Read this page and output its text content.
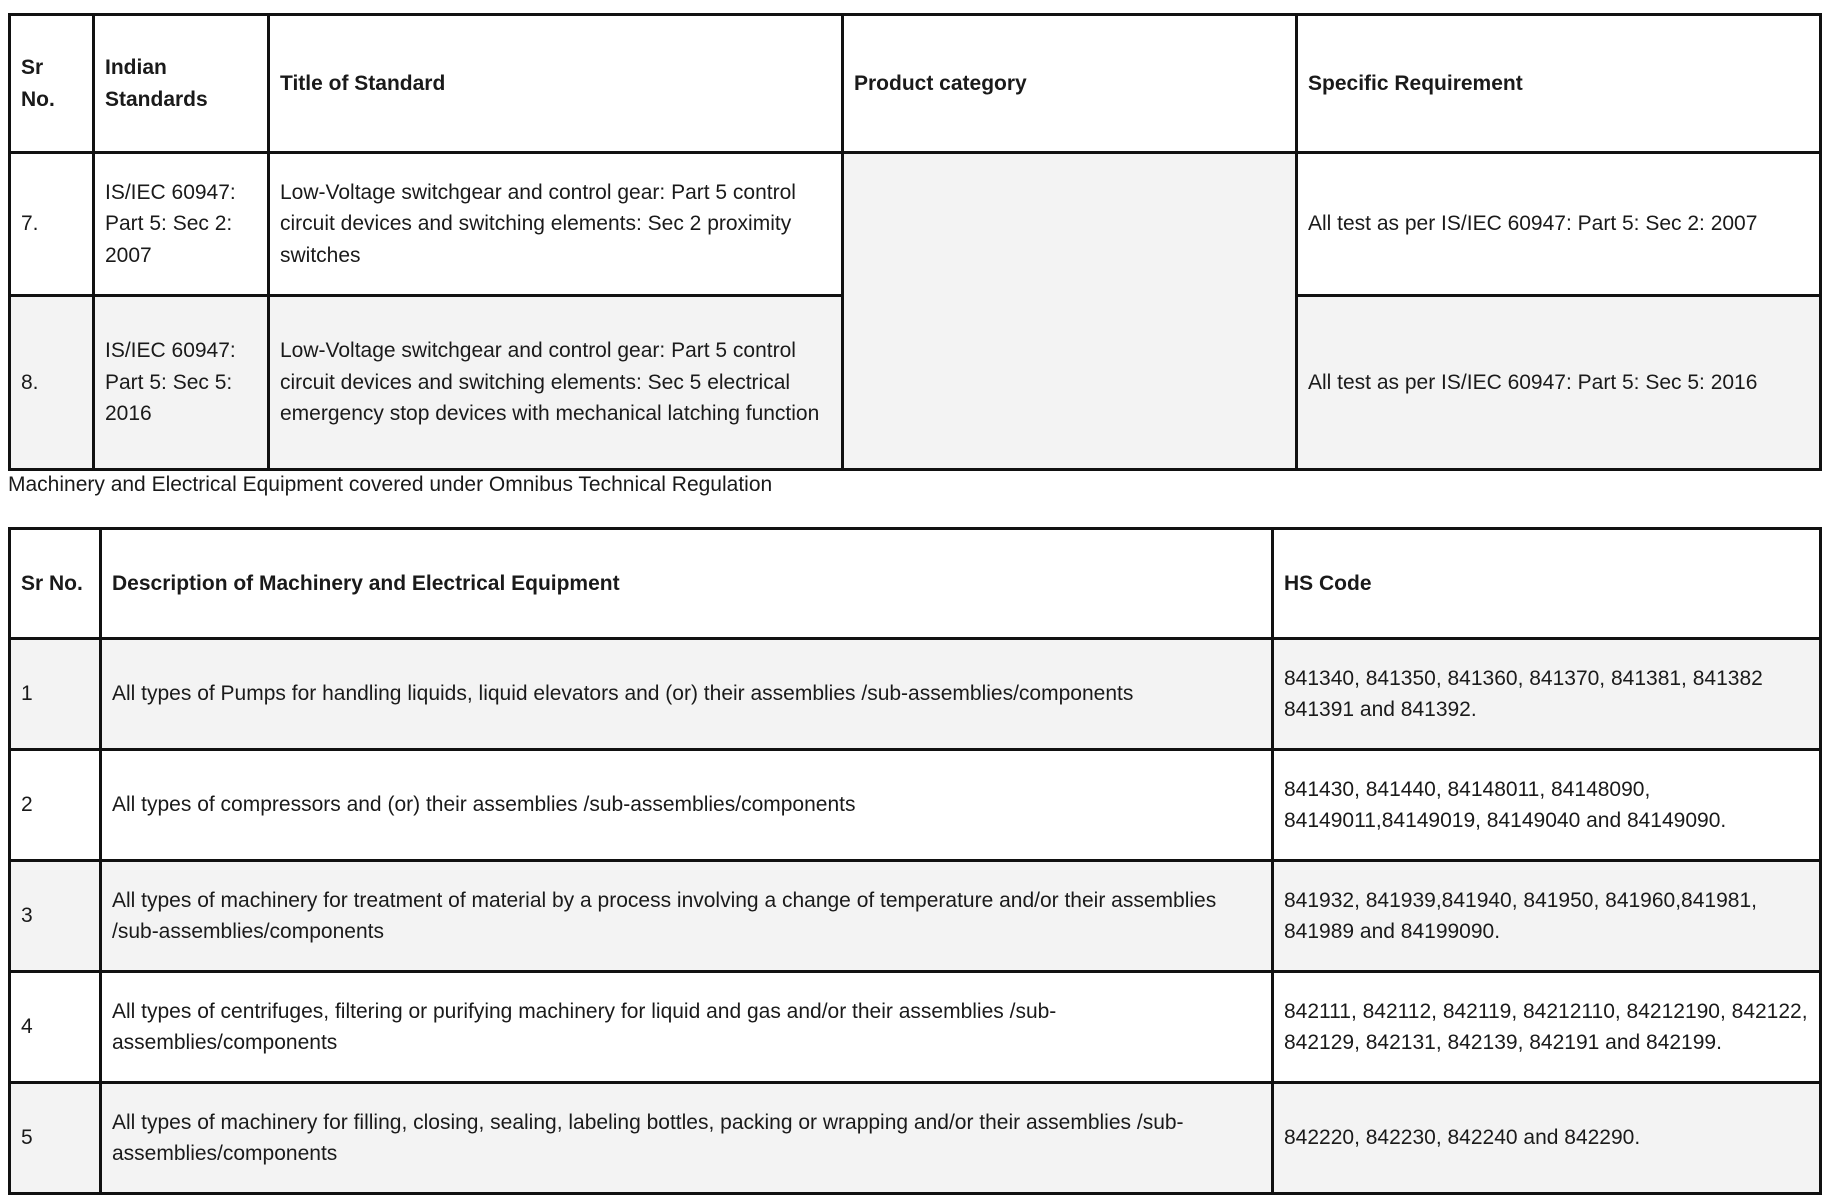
Sr No.	Indian Standards	Title of Standard	Product category	Specific Requirement
7.	IS/IEC 60947: Part 5: Sec 2: 2007	Low-Voltage switchgear and control gear: Part 5 control circuit devices and switching elements: Sec 2 proximity switches		All test as per IS/IEC 60947: Part 5: Sec 2: 2007
8.	IS/IEC 60947: Part 5: Sec 5: 2016	Low-Voltage switchgear and control gear: Part 5 control circuit devices and switching elements: Sec 5 electrical emergency stop devices with mechanical latching function		All test as per IS/IEC 60947: Part 5: Sec 5: 2016
Machinery and Electrical Equipment covered under Omnibus Technical Regulation
Sr No.	Description of Machinery and Electrical Equipment	HS Code
1	All types of Pumps for handling liquids, liquid elevators and (or) their assemblies /sub-assemblies/components	841340, 841350, 841360, 841370, 841381, 841382 841391 and 841392.
2	All types of compressors and (or) their assemblies /sub-assemblies/components	841430, 841440, 84148011, 84148090, 84149011,84149019, 84149040 and 84149090.
3	All types of machinery for treatment of material by a process involving a change of temperature and/or their assemblies /sub-assemblies/components	841932, 841939,841940, 841950, 841960,841981, 841989 and 84199090.
4	All types of centrifuges, filtering or purifying machinery for liquid and gas and/or their assemblies /sub-assemblies/components	842111, 842112, 842119, 84212110, 84212190, 842122, 842129, 842131, 842139, 842191 and 842199.
5	All types of machinery for filling, closing, sealing, labeling bottles, packing or wrapping and/or their assemblies /sub-assemblies/components	842220, 842230, 842240 and 842290.
